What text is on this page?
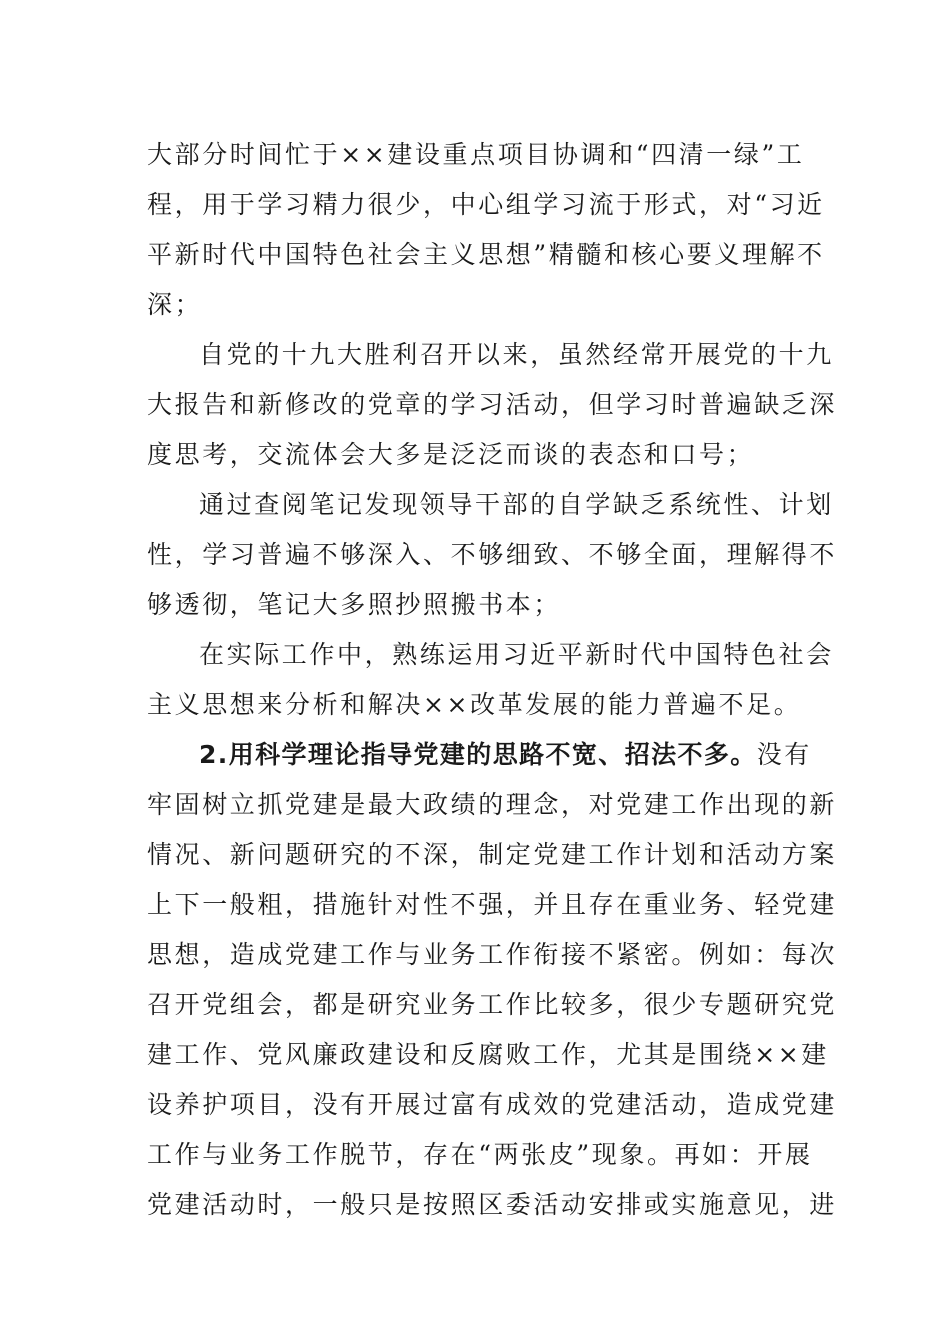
大部分时间忙于××建设重点项目协调和“四清一绿”工
程，用于学习精力很少，中心组学习流于形式，对“习近
平新时代中国特色社会主义思想”精髓和核心要义理解不
深；
自党的十九大胜利召开以来，虽然经常开展党的十九
大报告和新修改的党章的学习活动，但学习时普遍缺乏深
度思考，交流体会大多是泛泛而谈的表态和口号；
通过查阅笔记发现领导干部的自学缺乏系统性、计划
性，学习普遍不够深入、不够细致、不够全面，理解得不
够透彻，笔记大多照抄照搬书本；
在实际工作中，熟练运用习近平新时代中国特色社会
主义思想来分析和解决××改革发展的能力普遍不足。
2.用科学理论指导党建的思路不宽、招法不多。没有
牢固树立抓党建是最大政绩的理念，对党建工作出现的新
情况、新问题研究的不深，制定党建工作计划和活动方案
上下一般粗，措施针对性不强，并且存在重业务、轻党建
思想，造成党建工作与业务工作衔接不紧密。例如：每次
召开党组会，都是研究业务工作比较多，很少专题研究党
建工作、党风廉政建设和反腐败工作，尤其是围绕××建
设养护项目，没有开展过富有成效的党建活动，造成党建
工作与业务工作脱节，存在“两张皮”现象。再如：开展
党建活动时，一般只是按照区委活动安排或实施意见，进
